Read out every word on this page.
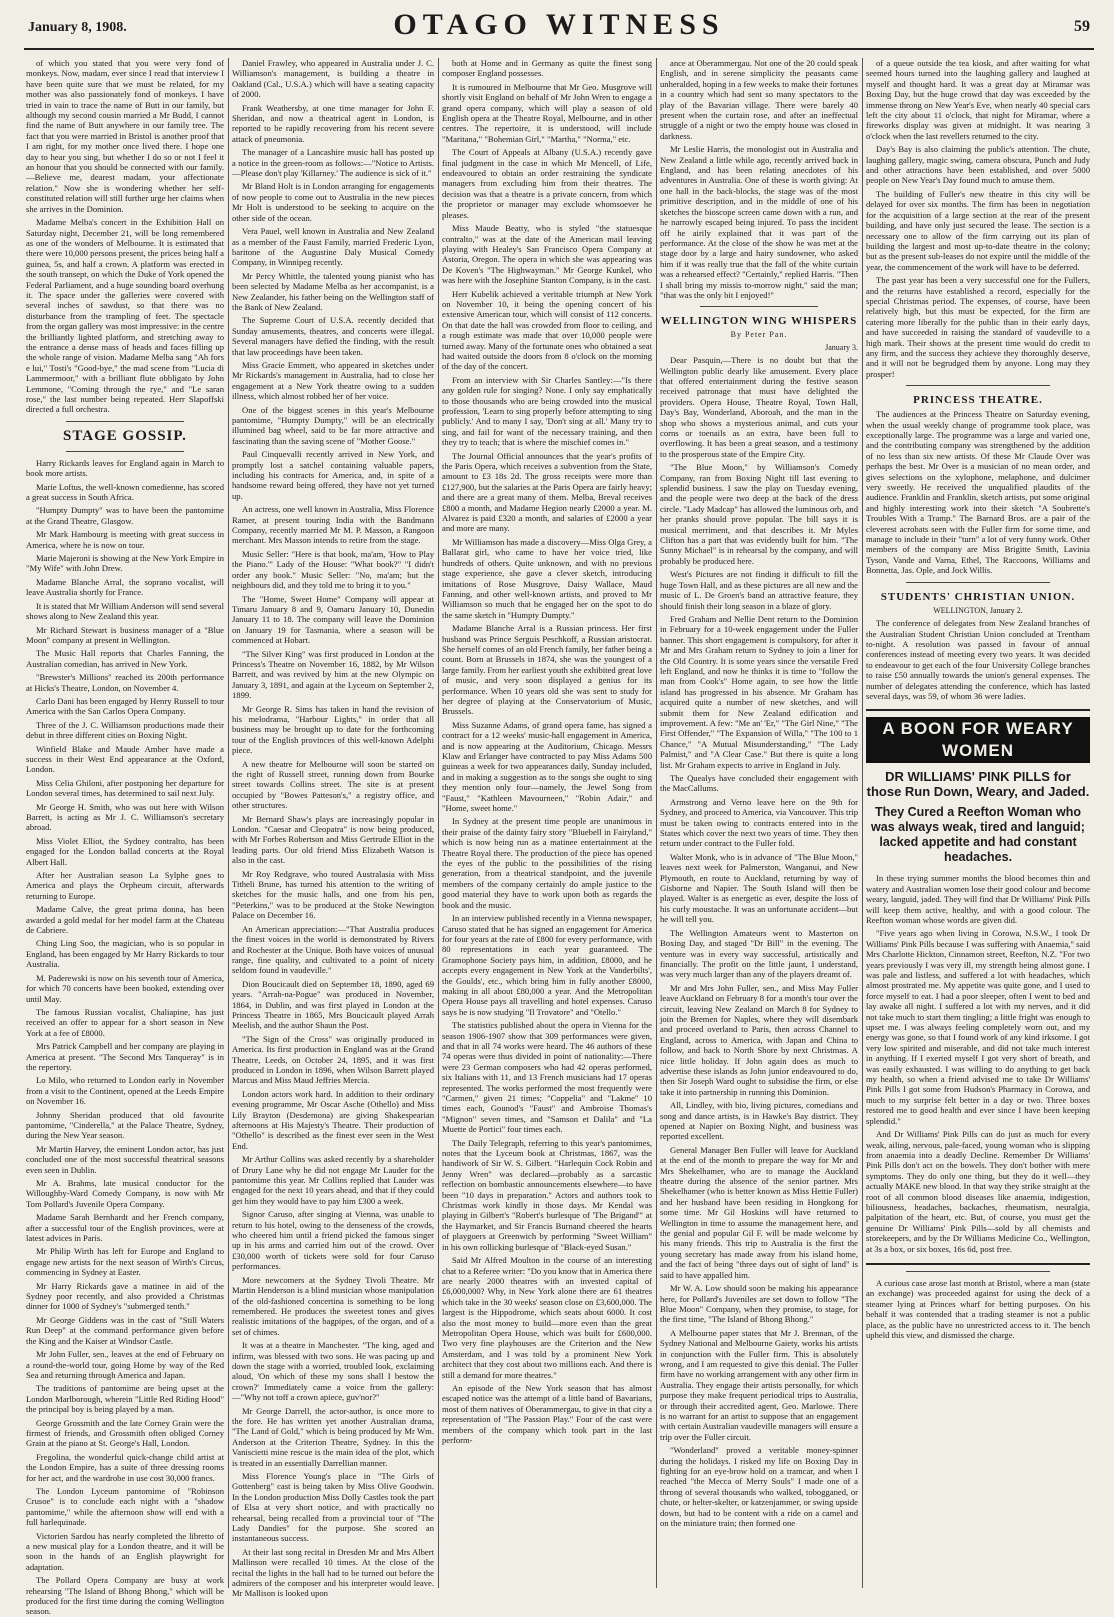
January 8, 1908.	OTAGO WITNESS	59

of which you stated that you were very fond of monkeys. Now, madam, ever since I read that interview I have been quite sure that we must be related, for my mother was also passionately fond of monkeys. I have tried in vain to trace the name of Butt in our family, but although my second cousin married a Mr Budd, I cannot find the name of Butt anywhere in our family tree. The fact that you were married in Bristol is another proof that I am right, for my mother once lived there. I hope one day to hear you sing, but whether I do so or not I feel it an honour that you should be connected with our family.—Believe me, dearest madam, your affectionate relation." Now she is wondering whether her self-constituted relation will still further urge her claims when she arrives in the Dominion.

Madame Melba's concert in the Exhibition Hall on Saturday night, December 21, will be long remembered as one of the wonders of Melbourne. It is estimated that there were 10,000 persons present, the prices being half a guinea, 5s, and half a crown. A platform was erected in the south transept, on which the Duke of York opened the Federal Parliament, and a huge sounding board overhung it. The space under the galleries were covered with several inches of sawdust, so that there was no disturbance from the trampling of feet. The spectacle from the organ gallery was most impressive: in the centre the brilliantly lighted platform, and stretching away to the entrance a dense mass of heads and faces filling up the whole range of vision. Madame Melba sang "Ah fors e lui," Tosti's "Good-bye," the mad scene from "Lucia di Lammermoor," with a brilliant flute obbligato by John Lemmone, "Coming through the rye," and "Le saran rose," the last number being repeated. Herr Slapoffski directed a full orchestra.

STAGE GOSSIP.

Harry Rickards leaves for England again in March to book more artists.

Marie Loftus, the well-known comedienne, has scored a great success in South Africa.

"Humpty Dumpty" was to have been the pantomime at the Grand Theatre, Glasgow.

Mr Mark Hambourg is meeting with great success in America, where he is now on tour.

Marie Majeroni is showing at the New York Empire in "My Wife" with John Drew.

Madame Blanche Arral, the soprano vocalist, will leave Australia shortly for France.

It is stated that Mr William Anderson will send several shows along to New Zealand this year.

Mr Richard Stewart is business manager of a "Blue Moon" company at present in Wellington.

The Music Hall reports that Charles Fanning, the Australian comedian, has arrived in New York.

"Brewster's Millions" reached its 200th performance at Hicks's Theatre, London, on November 4.

Carlo Dani has been engaged by Henry Russell to tour America with the San Carlos Opera Company.

Three of the J. C. Williamson productions made their debut in three different cities on Boxing Night.

Winfield Blake and Maude Amber have made a success in their West End appearance at the Oxford, London.

Miss Celia Ghiloni, after postponing her departure for London several times, has determined to sail next July.

Mr George H. Smith, who was out here with Wilson Barrett, is acting as Mr J. C. Williamson's secretary abroad.

Miss Violet Elliot, the Sydney contralto, has been engaged for the London ballad concerts at the Royal Albert Hall.

After her Australian season La Sylphe goes to America and plays the Orpheum circuit, afterwards returning to Europe.

Madame Calve, the great prima donna, has been awarded a gold medal for her model farm at the Chateau de Cabriere.

Ching Ling Soo, the magician, who is so popular in England, has been engaged by Mr Harry Rickards to tour Australia.

M. Paderewski is now on his seventh tour of America, for which 70 concerts have been booked, extending over until May.

The famous Russian vocalist, Chaliapine, has just received an offer to appear for a short season in New York at a fee of £8000.

Mrs Patrick Campbell and her company are playing in America at present. "The Second Mrs Tanqueray" is in the repertory.

Lo Milo, who returned to London early in November from a visit to the Continent, opened at the Leeds Empire on November 16.

Johnny Sheridan produced that old favourite pantomime, "Cinderella," at the Palace Theatre, Sydney, during the New Year season.

Mr Martin Harvey, the eminent London actor, has just concluded one of the most successful theatrical seasons even seen in Dublin.

Mr A. Brahms, late musical conductor for the Willoughby-Ward Comedy Company, is now with Mr Tom Pollard's Juvenile Opera Company.

Madame Sarah Bernhardt and her French company, after a successful tour of the English provinces, were at latest advices in Paris.

Mr Philip Wirth has left for Europe and England to engage new artists for the next season of Wirth's Circus, commencing in Sydney at Easter.

Mr Harry Rickards gave a matinee in aid of the Sydney poor recently, and also provided a Christmas dinner for 1000 of Sydney's "submerged tenth."

Mr George Giddens was in the cast of "Still Waters Run Deep" at the command performance given before the King and the Kaiser at Windsor Castle.

Mr John Fuller, sen., leaves at the end of February on a round-the-world tour, going Home by way of the Red Sea and returning through America and Japan.

The traditions of pantomime are being upset at the London Marlborough, wherein "Little Red Riding Hood" the principal boy is being played by a man.

George Grossmith and the late Corney Grain were the firmest of friends, and Grossmith often obliged Corney Grain at the piano at St. George's Hall, London.

Fregolina, the wonderful quick-change child artist at the London Empire, has a suite of three dressing rooms for her act, and the wardrobe in use cost 30,000 francs.

The London Lyceum pantomime of "Robinson Crusoe" is to conclude each night with a "shadow pantomime," while the afternoon show will end with a full harlequinade.

Victorien Sardou has nearly completed the libretto of a new musical play for a London theatre, and it will be soon in the hands of an English playwright for adaptation.

The Pollard Opera Company are busy at work rehearsing "The Island of Bhong Bhong," which will be produced for the first time during the coming Wellington season.

Daniel Frawley, who appeared in Australia under J. C. Williamson's management, is building a theatre in Oakland (Cal., U.S.A.) which will have a seating capacity of 2000.

Frank Weathersby, at one time manager for John F. Sheridan, and now a theatrical agent in London, is reported to be rapidly recovering from his recent severe attack of pneumonia.

The manager of a Lancashire music hall has posted up a notice in the green-room as follows:—"Notice to Artists.—Please don't play 'Killarney.' The audience is sick of it."

Mr Bland Holt is in London arranging for engagements of now people to come out to Australia in the new pieces Mr Holt is understood to be seeking to acquire on the other side of the ocean.

Vera Pauel, well known in Australia and New Zealand as a member of the Faust Family, married Frederic Lyon, baritone of the Augustine Daly Musical Comedy Company, in Winnipeg recently.

Mr Percy Whittle, the talented young pianist who has been selected by Madame Melba as her accompanist, is a New Zealander, his father being on the Wellington staff of the Bank of New Zealand.

The Supreme Court of U.S.A. recently decided that Sunday amusements, theatres, and concerts were illegal. Several managers have defied the finding, with the result that law proceedings have been taken.

Miss Gracie Emmett, who appeared in sketches under Mr Rickards's management in Australia, had to close her engagement at a New York theatre owing to a sudden illness, which almost robbed her of her voice.

One of the biggest scenes in this year's Melbourne pantomime, "Humpty Dumpty," will be an electrically illumined bag wheel, said to be far more attractive and fascinating than the saving scene of "Mother Goose."

Paul Cinquevalli recently arrived in New York, and promptly lost a satchel containing valuable papers, including his contracts for America, and, in spite of a handsome reward being offered, they have not yet turned up.

An actress, one well known in Australia, Miss Florence Ramer, at present touring India with the Bandmann Company, recently married Mr M. P. Masson, a Rangoon merchant. Mrs Masson intends to retire from the stage.

Music Seller: "Here is that book, ma'am, 'How to Play the Piano.'" Lady of the House: "What book?" "I didn't order any book." Music Seller: "No, ma'am; but the neighbours did, and they told me to bring it to you."

The "Home, Sweet Home" Company will appear at Timaru January 8 and 9, Oamaru January 10, Dunedin January 11 to 18. The company will leave the Dominion on January 19 for Tasmania, where a season will be commenced at Hobart.

"The Silver King" was first produced in London at the Princess's Theatre on November 16, 1882, by Mr Wilson Barrett, and was revived by him at the new Olympic on January 3, 1891, and again at the Lyceum on September 2, 1899.

Mr George R. Sims has taken in hand the revision of his melodrama, "Harbour Lights," in order that all business may be brought up to date for the forthcoming tour of the English provinces of this well-known Adelphi piece.

A new theatre for Melbourne will soon be started on the right of Russell street, running down from Bourke street towards Collins street. The site is at present occupied by "Bowes Patteson's," a registry office, and other structures.

Mr Bernard Shaw's plays are increasingly popular in London. "Caesar and Cleopatra" is now being produced, with Mr Forbes Robertson and Miss Gertrude Elliot in the leading parts. Our old friend Miss Elizabeth Watson is also in the cast.

Mr Roy Redgrave, who toured Australasia with Miss Titheli Brune, has turned his attention to the writing of sketches for the music halls, and one from his pen, "Peterkins," was to be produced at the Stoke Newington Palace on December 16.

An American appreciation:—"That Australia produces the finest voices in the world is demonstrated by Rivers and Rochester at the Unique. Both have voices of unusual range, fine quality, and cultivated to a point of nicety seldom found in vaudeville."

Dion Boucicault died on September 18, 1890, aged 69 years. "Arrah-na-Pogue" was produced in November, 1864, in Dublin, and was first played in London at the Princess Theatre in 1865, Mrs Boucicault played Arrah Meelish, and the author Shaun the Post.

"The Sign of the Cross" was originally produced in America. Its first production in England was at the Grand Theatre, Leeds, on October 24, 1895, and it was first produced in London in 1896, when Wilson Barrett played Marcus and Miss Maud Jeffries Mercia.

London actors work hard. In addition to their ordinary evening programme, Mr Oscar Asche (Othello) and Miss Lily Brayton (Desdemona) are giving Shakespearian afternoons at His Majesty's Theatre. Their production of "Othello" is described as the finest ever seen in the West End.

Mr Arthur Collins was asked recently by a shareholder of Drury Lane why he did not engage Mr Lauder for the pantomime this year. Mr Collins replied that Lauder was engaged for the next 10 years ahead, and that if they could get him they would have to pay him £300 a week.

Signor Caruso, after singing at Vienna, was unable to return to his hotel, owing to the denseness of the crowds, who cheered him until a friend picked the famous singer up in his arms and carried him out of the crowd. Over £30,000 worth of tickets were sold for four Caruso performances.

More newcomers at the Sydney Tivoli Theatre. Mr Martin Henderson is a blind musician whose manipulation of the old-fashioned concertina is something to be long remembered. He produces the sweetest tones and gives realistic imitations of the bagpipes, of the organ, and of a set of chimes.

It was at a theatre in Manchester. "The king, aged and infirm, was blessed with two sons. He was pacing up and down the stage with a worried, troubled look, exclaiming aloud, 'On which of these my sons shall I bestow the crown?' Immediately came a voice from the gallery:—"Why not toff a crown apiece, guv'nor?"

Mr George Darrell, the actor-author, is once more to the fore. He has written yet another Australian drama, "The Land of Gold," which is being produced by Mr Wm. Anderson at the Criterion Theatre, Sydney. In this the Vaniscietti mine rescue is the main idea of the plot, which is treated in an essentially Darrellian manner.

Miss Florence Young's place in "The Girls of Gottenberg" cast is being taken by Miss Olive Goodwin. In the London production Miss Dolly Castles took the part of Elsa at very short notice, and with practically no rehearsal, being recalled from a provincial tour of "The Lady Dandies" for the purpose. She scored an instantaneous success.

At their last song recital in Dresden Mr and Mrs Albert Mallinson were recalled 10 times. At the close of the recital the lights in the hall had to be turned out before the admirers of the composer and his interpreter would leave. Mr Mallison is looked upon

both at Home and in Germany as quite the finest song composer England possesses.

It is rumoured in Melbourne that Mr Geo. Musgrove will shortly visit England on behalf of Mr John Wren to engage a grand opera company, which will play a season of old English opera at the Theatre Royal, Melbourne, and in other centres. The repertoire, it is understood, will include "Maritana," "Bohemian Girl," "Martha," "Norma," etc.

The Court of Appeals at Albany (U.S.A.) recently gave final judgment in the case in which Mr Mencell, of Life, endeavoured to obtain an order restraining the syndicate managers from excluding him from their theatres. The decision was that a theatre is a private concern, from which the proprietor or manager may exclude whomsoever he pleases.

Miss Maude Beatty, who is styled "the statuesque contralto," was at the date of the American mail leaving playing with Healey's San Francisco Opera Company at Astoria, Oregon. The opera in which she was appearing was De Koven's "The Highwayman." Mr George Kunkel, who was here with the Josephine Stanton Company, is in the cast.

Herr Kubelik achieved a veritable triumph at New York on November 10, it being the opening concert of his extensive American tour, which will consist of 112 concerts. On that date the hall was crowded from floor to ceiling, and a rough estimate was made that over 10,000 people were turned away. Many of the fortunate ones who obtained a seat had waited outside the doors from 8 o'clock on the morning of the day of the concert.

From an interview with Sir Charles Santley:—"Is there any golden rule for singing? None. I only say emphatically to those thousands who are being crowded into the musical profession, 'Learn to sing properly before attempting to sing publicly.' And to many I say, 'Don't sing at all.' Many try to sing, and fail for want of the necessary training, and then they try to teach; that is where the mischief comes in."

The Journal Official announces that the year's profits of the Paris Opera, which receives a subvention from the State, amount to £3 18s 2d. The gross receipts were more than £127,900, but the salaries at the Paris Opera are fairly heavy; and there are a great many of them. Melba, Breval receives £800 a month, and Madame Hegion nearly £2000 a year. M. Alvarez is paid £320 a month, and salaries of £2000 a year and more are many.

Mr Williamson has made a discovery—Miss Olga Grey, a Ballarat girl, who came to have her voice tried, like hundreds of others. Quite unknown, and with no previous stage experience, she gave a clever sketch, introducing imitations of Rose Musgrove, Daisy Wallace, Maud Fanning, and other well-known artists, and proved to Mr Williamson so much that he engaged her on the spot to do the same sketch in "Humpty Dumpty."

Madame Blanche Arral is a Russian princess. Her first husband was Prince Serguis Peschkoff, a Russian aristocrat. She herself comes of an old French family, her father being a count. Born at Brussels in 1874, she was the youngest of a large family. From her earliest youth she exhibited great love of music, and very soon displayed a genius for its performance. When 10 years old she was sent to study for her degree of playing at the Conservatorium of Music, Brussels.

Miss Suzanne Adams, of grand opera fame, has signed a contract for a 12 weeks' music-hall engagement in America, and is now appearing at the Auditorium, Chicago. Messrs Klaw and Erlanger have contracted to pay Miss Adams 500 guineas a week for two appearances daily, Sunday included, and in making a suggestion as to the songs she ought to sing they mention only four—namely, the Jewel Song from "Faust," "Kathleen Mavourneen," "Robin Adair," and "Home, sweet home."

In Sydney at the present time people are unanimous in their praise of the dainty fairy story "Bluebell in Fairyland," which is now being run as a matinee entertainment at the Theatre Royal there. The production of the piece has opened the eyes of the public to the possibilities of the rising generation, from a theatrical standpoint, and the juvenile members of the company certainly do ample justice to the good material they have to work upon both as regards the book and the music.

In an interview published recently in a Vienna newspaper, Caruso stated that he has signed an engagement for America for four years at the rate of £800 for every performance, with 80 representations in each year guaranteed. The Gramophone Society pays him, in addition, £8000, and he accepts every engagement in New York at the Vanderbilts', the Goulds', etc., which bring him in fully another £8000, making in all about £80,000 a year. And the Metropolitan Opera House pays all travelling and hotel expenses. Caruso says he is now studying "Il Trovatore" and "Otello."

The statistics published about the opera in Vienna for the season 1906-1907 show that 309 performances were given, and that in all 74 works were heard. The 46 authors of these 74 operas were thus divided in point of nationality:—There were 23 German composers who had 42 operas performed, six Italians with 11, and 13 French musicians had 17 operas represented. The works performed the most frequently were "Carmen," given 21 times; "Coppelia" and "Lakme" 10 times each, Gounod's "Faust" and Ambroise Thomas's "Mignon" seven times, and "Samson et Dalila" and "La Muette de Portici" four times each.

The Daily Telegraph, referring to this year's pantomimes, notes that the Lyceum book at Christmas, 1867, was the handiwork of Sir W. S. Gilbert. "Harlequin Cock Robin and Jenny Wren" was declared—probably as a sarcastic reflection on bombastic announcements elsewhere—to have been "10 days in preparation." Actors and authors took to Christmas work kindly in those days. Mr Kendal was playing in Gilbert's "Robert's burlesque of 'The Brigand'" at the Haymarket, and Sir Francis Burnand cheered the hearts of playgoers at Greenwich by performing "Sweet William" in his own rollicking burlesque of "Black-eyed Susan."

Said Mr Alfred Moulton in the course of an interesting chat to a Referee writer: "Do you know that in America there are nearly 2000 theatres with an invested capital of £6,000,000? Why, in New York alone there are 61 theatres which take in the 30 weeks' season close on £3,600,000. The largest is the Hippodrome, which seats about 6000. It cost also the most money to build—more even than the great Metropolitan Opera House, which was built for £600,000. Two very fine playhouses are the Criterion and the New Amsterdam, and I was told by a prominent New York architect that they cost about two millions each. And there is still a demand for more theatres."

An episode of the New York season that has almost escaped notice was the attempt of a little band of Bavarians, most of them natives of Oberammergau, to give in that city a representation of "The Passion Play." Four of the cast were members of the company which took part in the last perform-

ance at Oberammergau. Not one of the 20 could speak English, and in serene simplicity the peasants came unheralded, hoping in a few weeks to make their fortunes in a country which had sent so many spectators to the play of the Bavarian village. There were barely 40 present when the curtain rose, and after an ineffectual struggle of a night or two the empty house was closed in darkness.

Mr Leslie Harris, the monologist out in Australia and New Zealand a little while ago, recently arrived back in England, and has been relating anecdotes of his adventures in Australia. One of these is worth giving: At one hall in the back-blocks, the stage was of the most primitive description, and in the middle of one of his sketches the bioscope screen came down with a run, and he narrowly escaped being injured. To pass the incident off he airily explained that it was part of the performance. At the close of the show he was met at the stage door by a large and hairy sundowner, who asked him if it was really true that the fall of the white curtain was a rehearsed effect? "Certainly," replied Harris. "Then I shall bring my missis to-morrow night," said the man; "that was the only bit I enjoyed!"

WELLINGTON WING WHISPERS
By Peter Pan.
January 3.

Dear Pasquin,—There is no doubt but that the Wellington public dearly like amusement. Every place that offered entertainment during the festive season received patronage that must have delighted the providers. Opera House, Theatre Royal, Town Hall, Day's Bay, Wonderland, Aboroah, and the man in the shop who shows a mysterious animal, and cuts your corns or toenails as an extra, have been full to overflowing. It has been a great season, and a testimony to the prosperous state of the Empire City.

"The Blue Moon," by Williamson's Comedy Company, ran from Boxing Night till last evening to splendid business. I saw the play on Tuesday evening, and the people were two deep at the back of the dress circle. "Lady Madcap" has allowed the luminous orb, and her pranks should prove popular. The bill says it is musical merriment, and that describes it. Mr Myles Clifton has a part that was evidently built for him. "The Sunny Michael" is in rehearsal by the company, and will probably be produced here.

West's Pictures are not finding it difficult to fill the huge Town Hall, and as these pictures are all new and the music of L. De Groen's band an attractive feature, they should finish their long season in a blaze of glory.

Fred Graham and Nellie Dent return to the Dominion in February for a 10-week engagement under the Fuller banner. This short engagement is compulsory, for after it Mr and Mrs Graham return to Sydney to join a liner for the Old Country. It is some years since the versatile Fred left England, and now he thinks it is time to "follow the man from Cook's" Home again, to see how the little island has progressed in his absence. Mr Graham has acquired quite a number of new sketches, and will submit them for New Zealand edification and improvement. A few: "Me an' 'Er," "The Girl Nine," "The First Offender," "The Expansion of Willa," "The 100 to 1 Chance," "A Mutual Misunderstanding," "The Lady Palmist," and "A Clear Case." But there is quite a long list. Mr Graham expects to arrive in England in July.

The Quealys have concluded their engagement with the MacCallums.

Armstrong and Verno leave here on the 9th for Sydney, and proceed to America, via Vancouver. This trip must be taken owing to contracts entered into in the States which cover the next two years of time. They then return under contract to the Fuller fold.

Walter Monk, who is in advance of "The Blue Moon," leaves next week for Palmerston, Wanganui, and New Plymouth, en route to Auckland, returning by way of Gisborne and Napier. The South Island will then be played. Walter is as energetic as ever, despite the loss of his curly moustache. It was an unfortunate accident—but he will tell you.

The Wellington Amateurs went to Masterton on Boxing Day, and staged "Dr Bill" in the evening. The venture was in every way successful, artistically and financially. The profit on the little jaunt, I understand, was very much larger than any of the players dreamt of.

Mr and Mrs John Fuller, sen., and Miss May Fuller leave Auckland on February 8 for a month's tour over the circuit, leaving New Zealand on March 8 for Sydney to join the Bremen for Naples, where they will disembark and proceed overland to Paris, then across Channel to England, across to America, with Japan and China to follow, and back to North Shore by next Christmas. A nice little holiday. If John again does as much to advertise these islands as John junior endeavoured to do, then Sir Joseph Ward ought to subsidise the firm, or else take it into partnership in running this Dominion.

All, Lindley, with bio, living pictures, comedians and song and dance artists, is in Hawke's Bay district. They opened at Napier on Boxing Night, and business was reported excellent.

General Manager Ben Fuller will leave for Auckland at the end of the month to prepare the way for Mr and Mrs Shekelhamer, who are to manage the Auckland theatre during the absence of the senior partner. Mrs Shekelhamer (who is better known as Miss Hettie Fuller) and her husband have been residing in Hongkong for some time. Mr Gil Hoskins will have returned to Wellington in time to assume the management here, and the genial and popular Gil F. will be made welcome by his many friends. This trip to Australia is the first the young secretary has made away from his island home, and the fact of being "three days out of sight of land" is said to have appalled him.

Mr W. A. Low should soon be making his appearance here, for Pollard's Juveniles are set down to follow "The Blue Moon" Company, when they promise, to stage, for the first time, "The Island of Bhong Bhong."

A Melbourne paper states that Mr J. Brennan, of the Sydney National and Melbourne Gaiety, works his artists in conjunction with the Fuller firm. This is absolutely wrong, and I am requested to give this denial. The Fuller firm have no working arrangement with any other firm in Australia. They engage their artists personally, for which purpose they make frequent periodical trips to Australia, or through their accredited agent, Geo. Marlowe. There is no warrant for an artist to suppose that an engagement with certain Australian vaudeville managers will ensure a trip over the Fuller circuit.

"Wonderland" proved a veritable money-spinner during the holidays. I risked my life on Boxing Day in fighting for an eye-brow hold on a tramcar, and when I reached "the Mecca of Merry Souls" I made one of a throng of several thousands who walked, tobogganed, or chute, or helter-skelter, or katzenjammer, or swing upside down, but had to be content with a ride on a camel and on the miniature train; then formed one

of a queue outside the tea kiosk, and after waiting for what seemed hours turned into the laughing gallery and laughed at myself and thought hard. It was a great day at Miramar was Boxing Day, but the huge crowd that day was exceeded by the immense throng on New Year's Eve, when nearly 40 special cars left the city about 11 o'clock, that night for Miramar, where a fireworks display was given at midnight. It was nearing 3 o'clock when the last revellers returned to the city.

Day's Bay is also claiming the public's attention. The chute, laughing gallery, magic swing, camera obscura, Punch and Judy and other attractions have been established, and over 5000 people on New Year's Day found much to amuse them.

The building of Fuller's new theatre in this city will be delayed for over six months. The firm has been in negotiation for the acquisition of a large section at the rear of the present building, and have only just secured the lease. The section is a necessary one to allow of the firm carrying out its plan of building the largest and most up-to-date theatre in the colony; but as the present sub-leases do not expire until the middle of the year, the commencement of the work will have to be deferred.

The past year has been a very successful one for the Fullers, and the returns have established a record, especially for the special Christmas period. The expenses, of course, have been relatively high, but this must be expected, for the firm are catering more liberally for the public than in their early days, and have succeeded in raising the standard of vaudeville to a high mark. Their shows at the present time would do credit to any firm, and the success they achieve they thoroughly deserve, and it will not be begrudged them by anyone. Long may they prosper!

PRINCESS THEATRE.

The audiences at the Princess Theatre on Saturday evening, when the usual weekly change of programme took place, was exceptionally large. The programme was a large and varied one, and the contributing company was strengthened by the addition of no less than six new artists. Of these Mr Claude Over was perhaps the best. Mr Over is a musician of no mean order, and gives selections on the xylophone, melaphone, and dulcimer very sweetly. He received the unqualified plaudits of the audience. Franklin and Franklin, sketch artists, put some original and highly interesting work into their sketch "A Soubrette's Troubles With a Tramp." The Barnard Bros. are a pair of the cleverest acrobats seen with the Fuller firm for some time, and manage to include in their "turn" a lot of very funny work. Other members of the company are Miss Brigitte Smith, Lavinia Tyson, Vande and Varna, Ethel, The Raccoons, Williams and Bonnetta, Jas. Ople, and Jock Willis.

STUDENTS' CHRISTIAN UNION.
WELLINGTON, January 2.

The conference of delegates from New Zealand branches of the Australian Student Christian Union concluded at Trentham to-night. A resolution was passed in favour of annual conferences instead of meeting every two years. It was decided to endeavour to get each of the four University College branches to raise £50 annually towards the union's general expenses. The number of delegates attending the conference, which has lasted several days, was 59, of whom 36 were ladies.

A BOON FOR WEARY WOMEN
DR WILLIAMS' PINK PILLS for those Run Down, Weary, and Jaded.
They Cured a Reefton Woman who was always weak, tired and languid; lacked appetite and had constant headaches.

In these trying summer months the blood becomes thin and watery and Australian women lose their good colour and become weary, languid, jaded. They will find that Dr Williams' Pink Pills will keep them active, healthy, and with a good colour. The Reefton woman whose words are given did.

"Five years ago when living in Corowa, N.S.W., I took Dr Williams' Pink Pills because I was suffering with Anaemia," said Mrs Charlotte Hickton, Cinnamon street, Reefton, N.Z. "For two years previously I was very ill, my strength being almost gone. I was pale and listless, and suffered a lot with headaches, which almost prostrated me. My appetite was quite gone, and I used to force myself to eat. I had a poor sleeper, often I went to bed and lay awake all night. I suffered a lot with my nerves, and it did not take much to start them tingling; a little fright was enough to upset me. I was always feeling completely worn out, and my energy was gone, so that I found work of any kind irksome. I got very low spirited and miserable, and did not take much interest in anything. If I exerted myself I got very short of breath, and was easily exhausted. I was willing to do anything to get back my health, so when a friend advised me to take Dr Williams' Pink Pills I got some from Hudson's Pharmacy in Corowa, and much to my surprise felt better in a day or two. Three boxes restored me to good health and ever since I have been keeping splendid."

And Dr Williams' Pink Pills can do just as much for every weak, ailing, nervous, pale-faced, young woman who is slipping from anaemia into a deadly Decline. Remember Dr Williams' Pink Pills don't act on the bowels. They don't bother with mere symptoms. They do only one thing, but they do it well—they actually MAKE new blood. In that way they strike straight at the root of all common blood diseases like anaemia, indigestion, biliousness, headaches, backaches, rheumatism, neuralgia, palpitation of the heart, etc. But, of course, you must get the genuine Dr Williams' Pink Pills—sold by all chemists and storekeepers, and by the Dr Williams Medicine Co., Wellington, at 3s a box, or six boxes, 16s 6d, post free.

A curious case arose last month at Bristol, where a man (state an exchange) was proceeded against for using the deck of a steamer lying at Princes wharf for betting purposes. On his behalf it was contended that a trading steamer is not a public place, as the public have no unrestricted access to it. The bench upheld this view, and dismissed the charge.
